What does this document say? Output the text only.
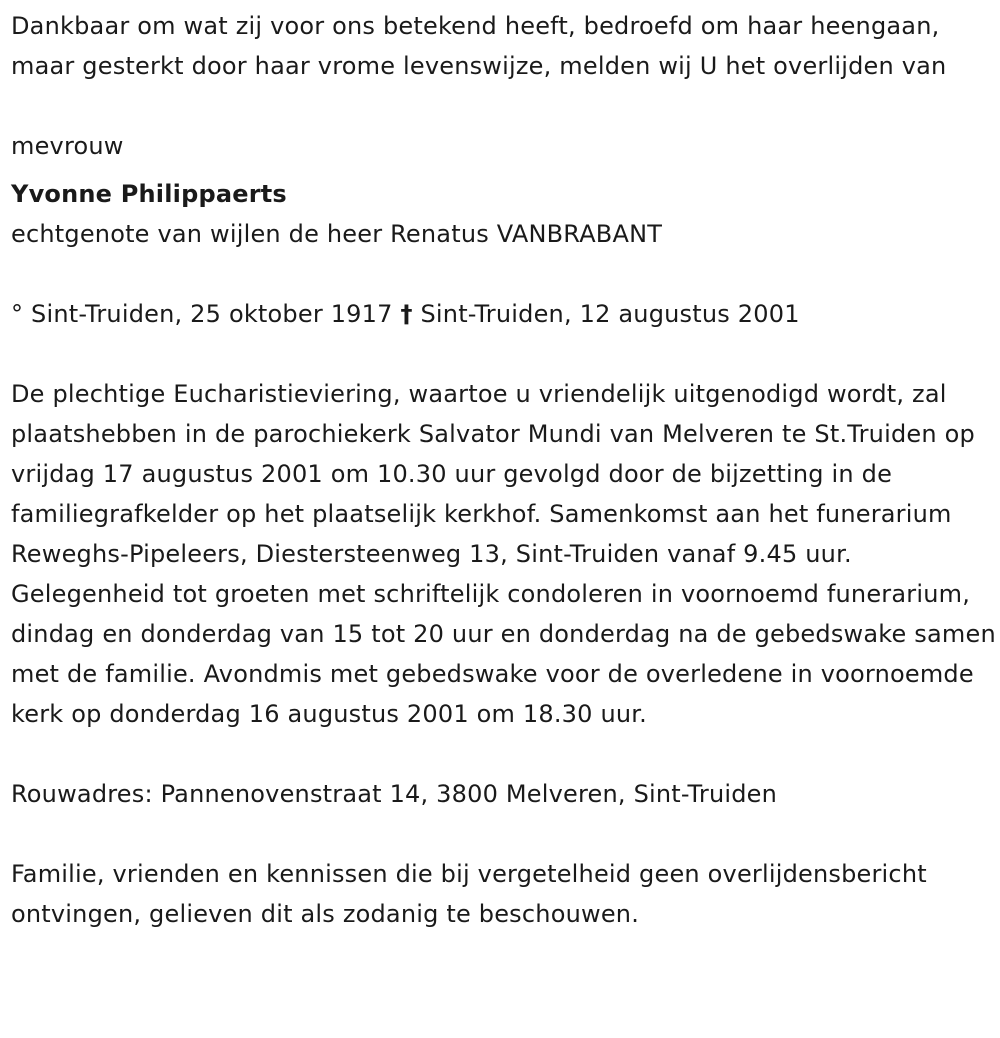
Dankbaar om wat zij voor ons betekend heeft, bedroefd om haar heengaan, maar gesterkt door haar vrome levenswijze, melden wij U het overlijden van

mevrouw

Yvonne Philippaerts

echtgenote van wijlen de heer Renatus VANBRABANT

° Sint-Truiden, 25 oktober 1917 † Sint-Truiden, 12 augustus 2001

De plechtige Eucharistieviering, waartoe u vriendelijk uitgenodigd wordt, zal plaatshebben in de parochiekerk Salvator Mundi van Melveren te St.Truiden op vrijdag 17 augustus 2001 om 10.30 uur gevolgd door de bijzetting in de familiegrafkelder op het plaatselijk kerkhof. Samenkomst aan het funerarium Reweghs-Pipeleers, Diestersteenweg 13, Sint-Truiden vanaf 9.45 uur. Gelegenheid tot groeten met schriftelijk condoleren in voornoemd funerarium, dindag en donderdag van 15 tot 20 uur en donderdag na de gebedswake samen met de familie. Avondmis met gebedswake voor de overledene in voornoemde kerk op donderdag 16 augustus 2001 om 18.30 uur.

Rouwadres: Pannenovenstraat 14, 3800 Melveren, Sint-Truiden

Familie, vrienden en kennissen die bij vergetelheid geen overlijdensbericht ontvingen, gelieven dit als zodanig te beschouwen.
